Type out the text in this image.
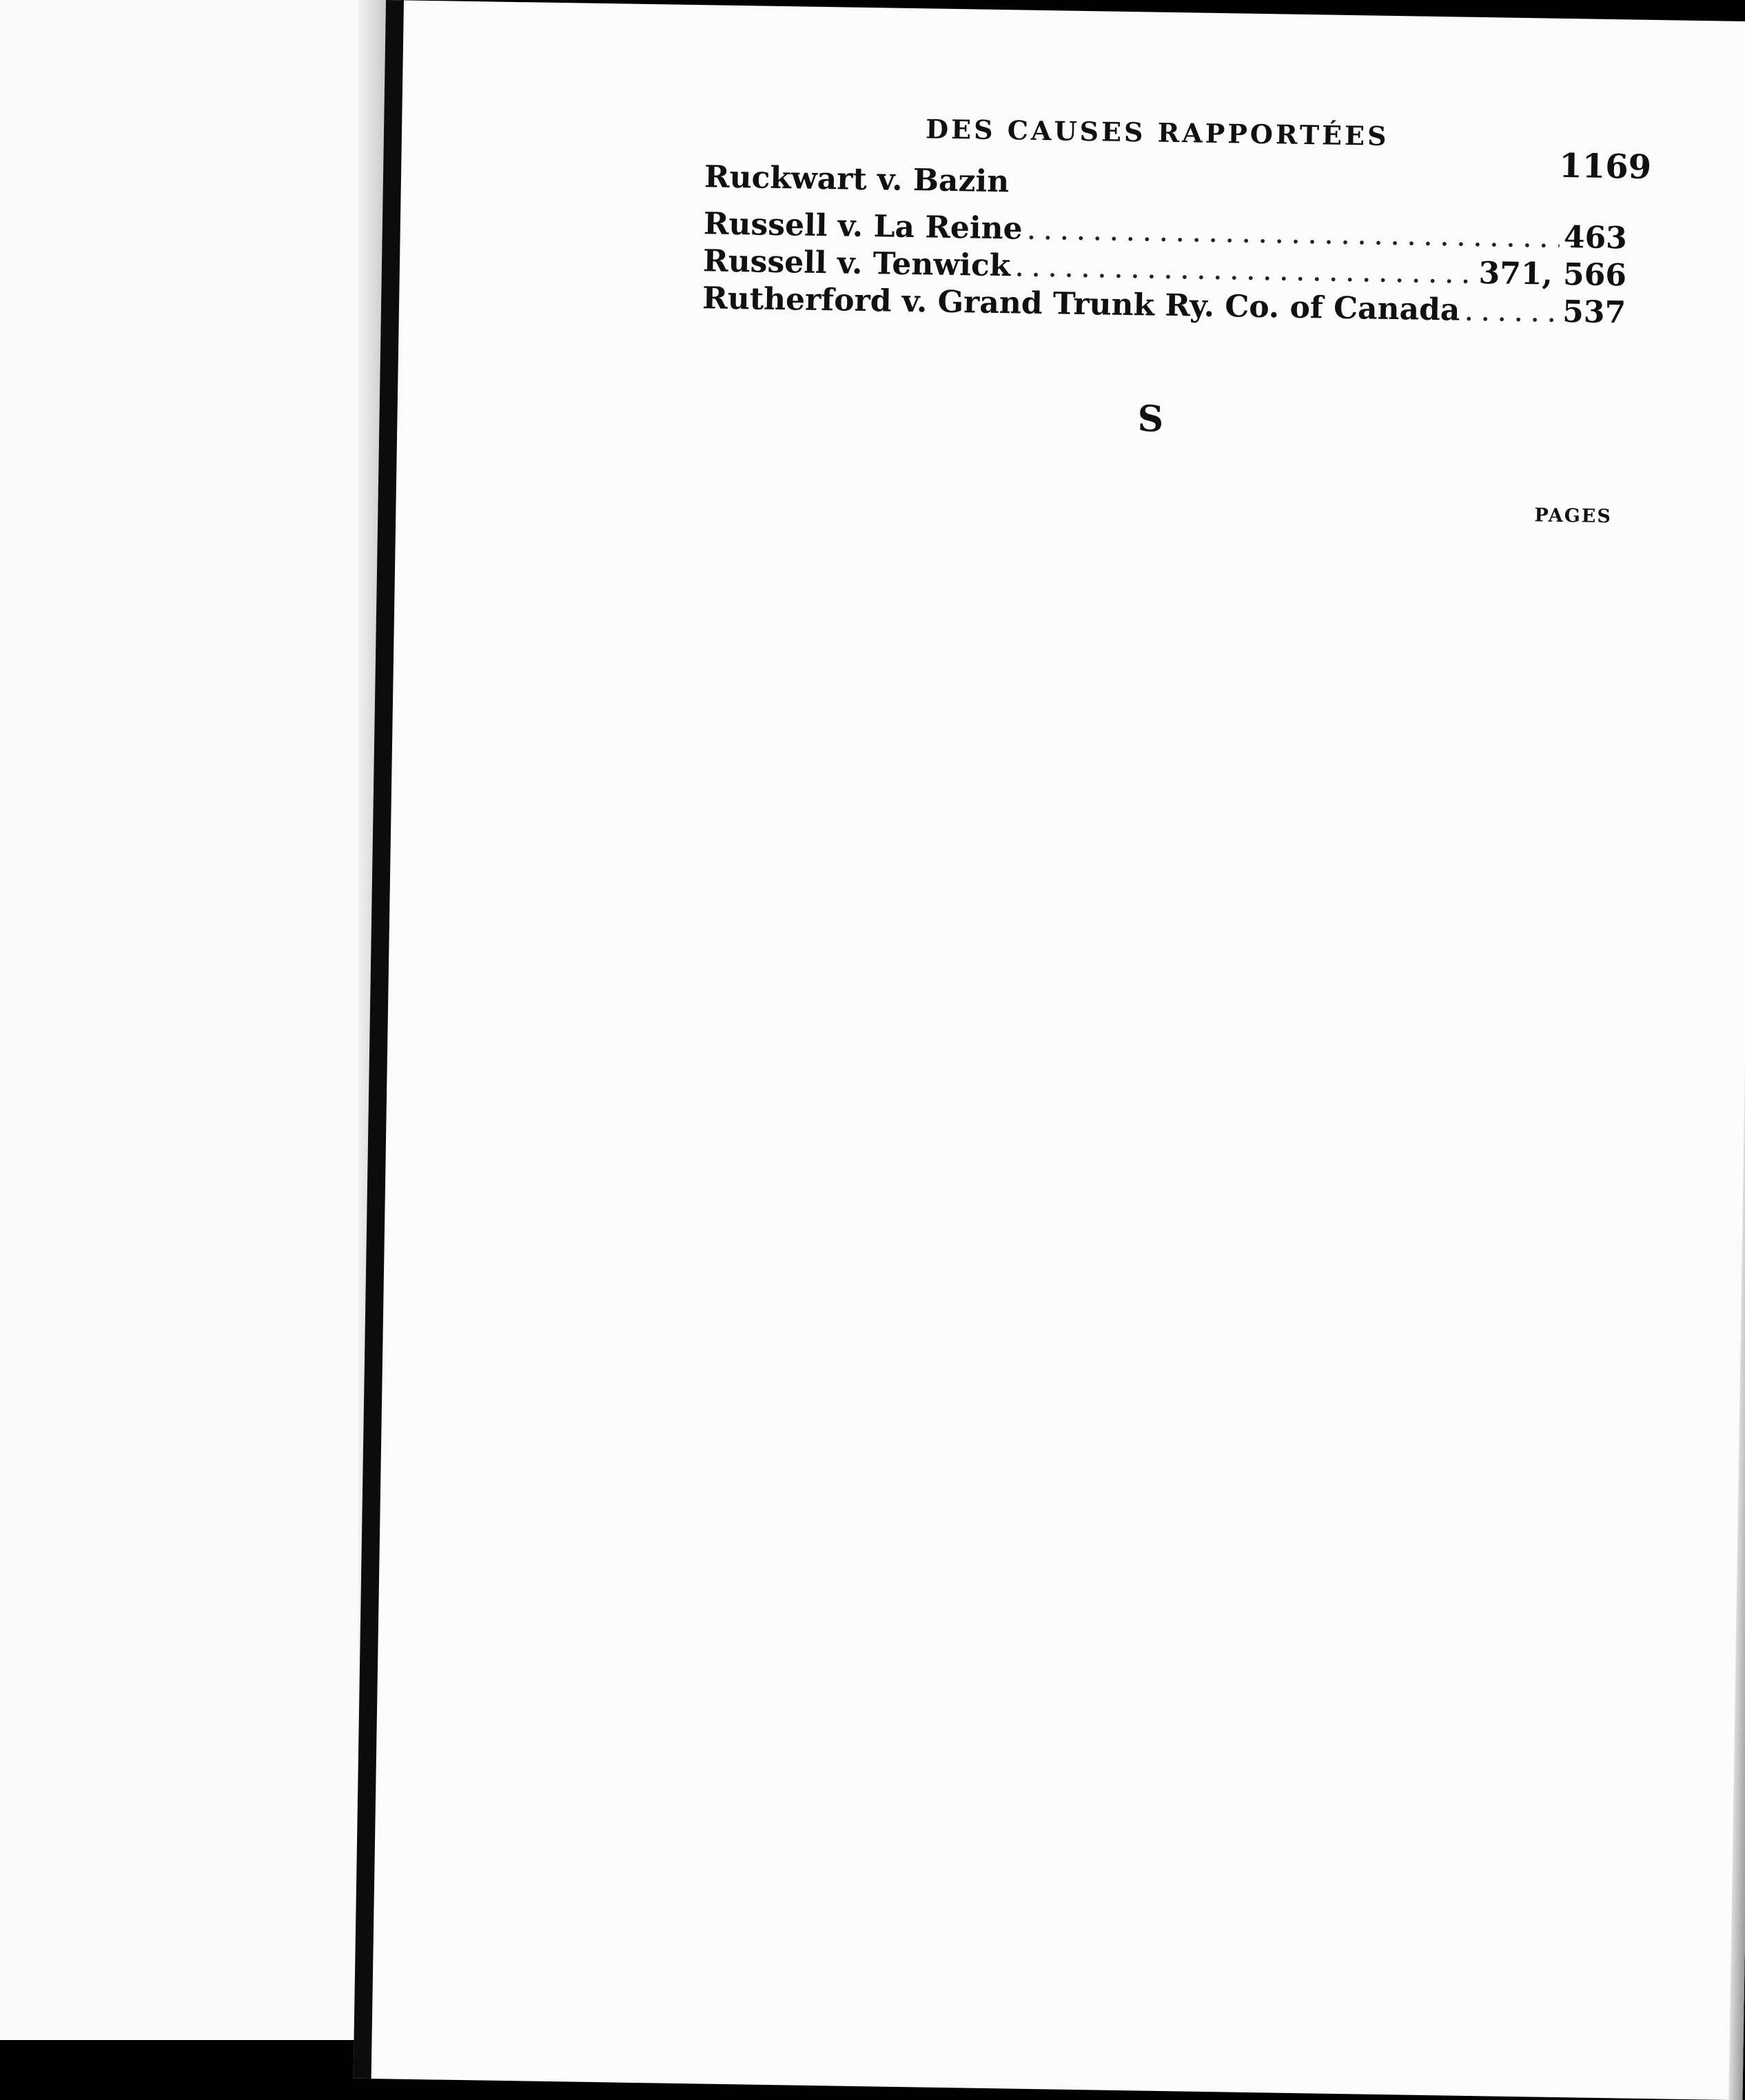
DES CAUSES RAPPORTÉES
1169
Ruckwart v. Bazin
Russell v. La Reine .....	463
Russell v. Tenwick .....	371, 566
Rutherford v. Grand Trunk Ry. Co. of Canada .....	537
S
PAGES
